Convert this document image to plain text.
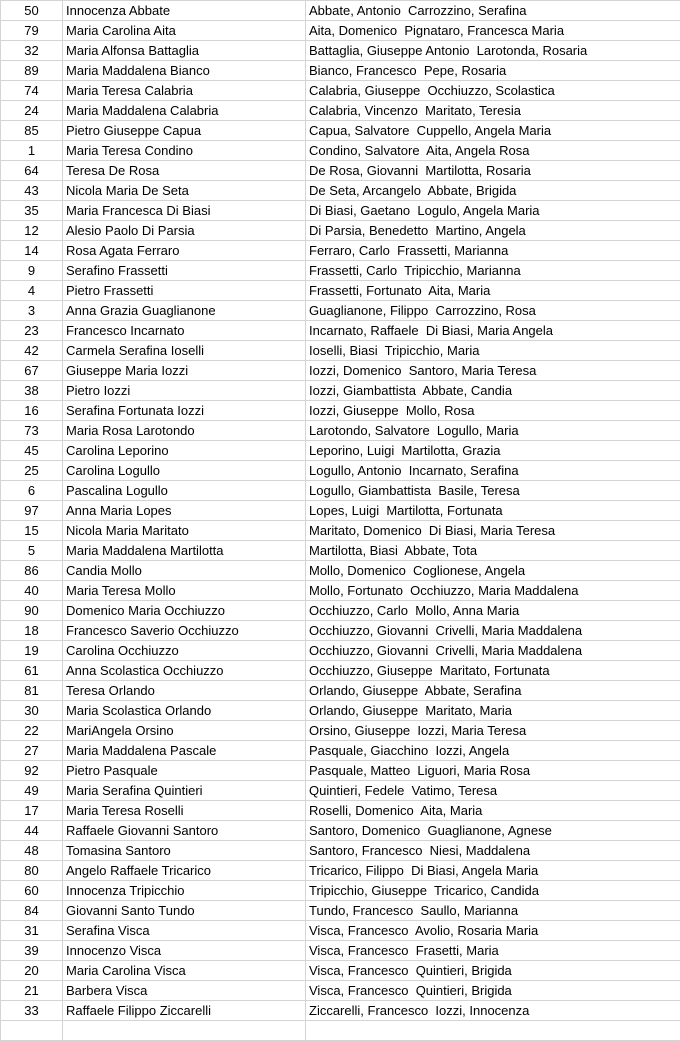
50	Innocenza Abbate	Abbate, Antonio  Carrozzino, Serafina
79	Maria Carolina Aita	Aita, Domenico  Pignataro, Francesca Maria
32	Maria Alfonsa Battaglia	Battaglia, Giuseppe Antonio  Larotonda, Rosaria
89	Maria Maddalena Bianco	Bianco, Francesco  Pepe, Rosaria
74	Maria Teresa Calabria	Calabria, Giuseppe  Occhiuzzo, Scolastica
24	Maria Maddalena Calabria	Calabria, Vincenzo  Maritato, Teresia
85	Pietro Giuseppe Capua	Capua, Salvatore  Cuppello, Angela Maria
1	Maria Teresa Condino	Condino, Salvatore  Aita, Angela Rosa
64	Teresa De Rosa	De Rosa, Giovanni  Martilotta, Rosaria
43	Nicola Maria De Seta	De Seta, Arcangelo  Abbate, Brigida
35	Maria Francesca Di Biasi	Di Biasi, Gaetano  Logulo, Angela Maria
12	Alesio Paolo Di Parsia	Di Parsia, Benedetto  Martino, Angela
14	Rosa Agata Ferraro	Ferraro, Carlo  Frassetti, Marianna
9	Serafino Frassetti	Frassetti, Carlo  Tripicchio, Marianna
4	Pietro Frassetti	Frassetti, Fortunato  Aita, Maria
3	Anna Grazia Guaglianone	Guaglianone, Filippo  Carrozzino, Rosa
23	Francesco Incarnato	Incarnato, Raffaele  Di Biasi, Maria Angela
42	Carmela Serafina Ioselli	Ioselli, Biasi  Tripicchio, Maria
67	Giuseppe Maria Iozzi	Iozzi, Domenico  Santoro, Maria Teresa
38	Pietro Iozzi	Iozzi, Giambattista  Abbate, Candia
16	Serafina Fortunata Iozzi	Iozzi, Giuseppe  Mollo, Rosa
73	Maria Rosa Larotondo	Larotondo, Salvatore  Logullo, Maria
45	Carolina Leporino	Leporino, Luigi  Martilotta, Grazia
25	Carolina Logullo	Logullo, Antonio  Incarnato, Serafina
6	Pascalina Logullo	Logullo, Giambattista  Basile, Teresa
97	Anna Maria Lopes	Lopes, Luigi  Martilotta, Fortunata
15	Nicola Maria Maritato	Maritato, Domenico  Di Biasi, Maria Teresa
5	Maria Maddalena Martilotta	Martilotta, Biasi  Abbate, Tota
86	Candia Mollo	Mollo, Domenico  Coglionese, Angela
40	Maria Teresa Mollo	Mollo, Fortunato  Occhiuzzo, Maria Maddalena
90	Domenico Maria Occhiuzzo	Occhiuzzo, Carlo  Mollo, Anna Maria
18	Francesco Saverio Occhiuzzo	Occhiuzzo, Giovanni  Crivelli, Maria Maddalena
19	Carolina Occhiuzzo	Occhiuzzo, Giovanni  Crivelli, Maria Maddalena
61	Anna Scolastica Occhiuzzo	Occhiuzzo, Giuseppe  Maritato, Fortunata
81	Teresa Orlando	Orlando, Giuseppe  Abbate, Serafina
30	Maria Scolastica Orlando	Orlando, Giuseppe  Maritato, Maria
22	MariAngela Orsino	Orsino, Giuseppe  Iozzi, Maria Teresa
27	Maria Maddalena Pascale	Pasquale, Giacchino  Iozzi, Angela
92	Pietro Pasquale	Pasquale, Matteo  Liguori, Maria Rosa
49	Maria Serafina Quintieri	Quintieri, Fedele  Vatimo, Teresa
17	Maria Teresa Roselli	Roselli, Domenico  Aita, Maria
44	Raffaele Giovanni Santoro	Santoro, Domenico  Guaglianone, Agnese
48	Tomasina Santoro	Santoro, Francesco  Niesi, Maddalena
80	Angelo Raffaele Tricarico	Tricarico, Filippo  Di Biasi, Angela Maria
60	Innocenza Tripicchio	Tripicchio, Giuseppe  Tricarico, Candida
84	Giovanni Santo Tundo	Tundo, Francesco  Saullo, Marianna
31	Serafina Visca	Visca, Francesco  Avolio, Rosaria Maria
39	Innocenzo Visca	Visca, Francesco  Frasetti, Maria
20	Maria Carolina Visca	Visca, Francesco  Quintieri, Brigida
21	Barbera Visca	Visca, Francesco  Quintieri, Brigida
33	Raffaele Filippo Ziccarelli	Ziccarelli, Francesco  Iozzi, Innocenza
